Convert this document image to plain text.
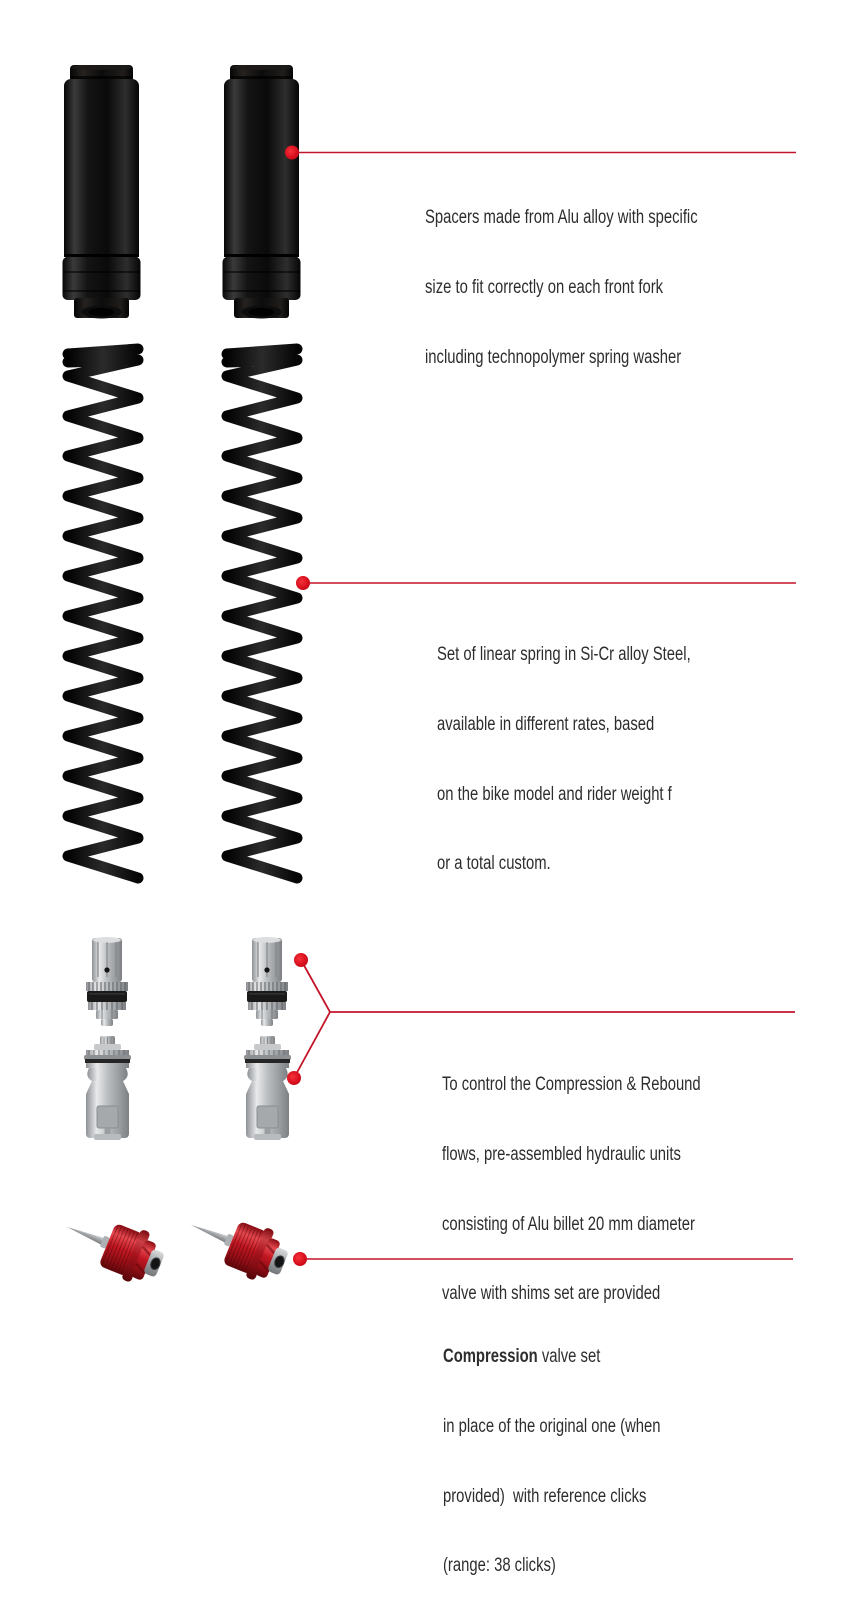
Spacers made from Alu alloy with specific

size to fit correctly on each front fork

including technopolymer spring washer

Set of linear spring in Si-Cr alloy Steel,

available in different rates, based

on the bike model and rider weight f

or a total custom.

To control the Compression & Rebound

flows, pre-assembled hydraulic units

consisting of Alu billet 20 mm diameter

valve with shims set are provided

Compression valve set

in place of the original one (when

provided)  with reference clicks

(range: 38 clicks)
